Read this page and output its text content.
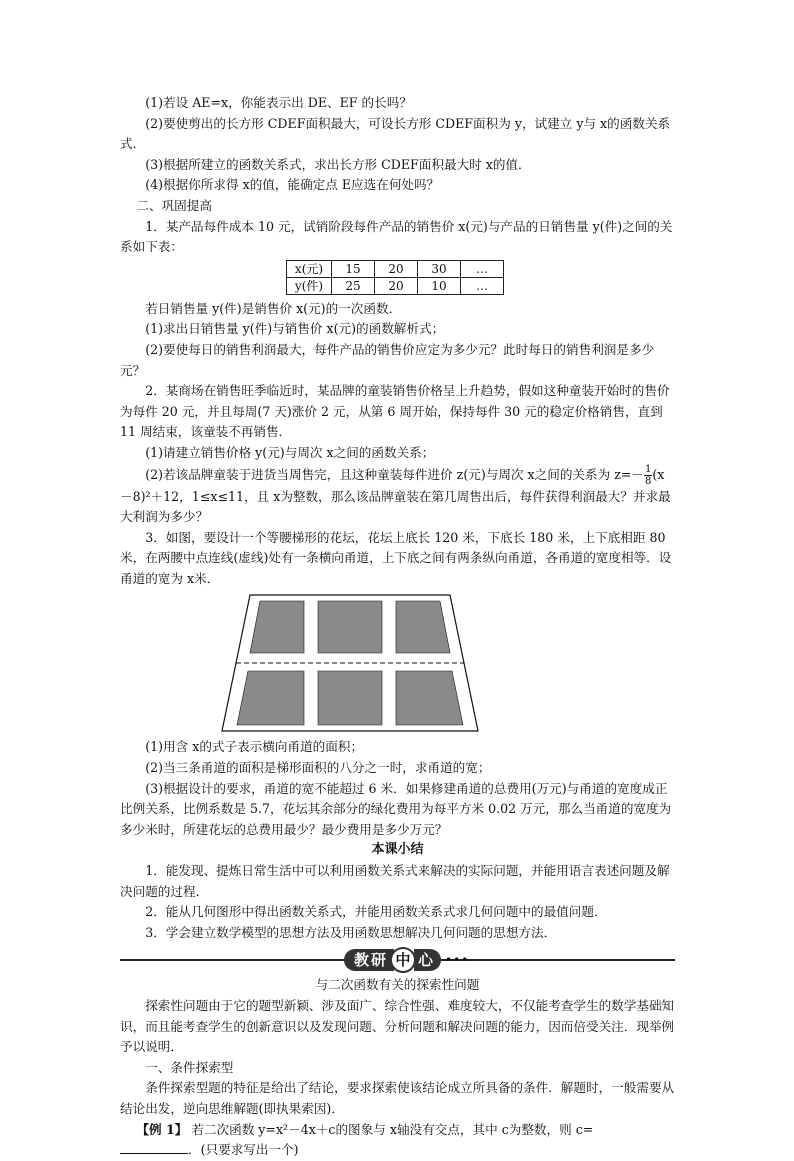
(1)若设 AE=x，你能表示出 DE、EF 的长吗？

(2)要使剪出的长方形 CDEF面积最大，可设长方形 CDEF面积为 y，试建立 y与 x的函数关系式．

(3)根据所建立的函数关系式，求出长方形 CDEF面积最大时 x的值．

(4)根据你所求得 x的值，能确定点 E应选在何处吗？

二、巩固提高

1．某产品每件成本 10 元，试销阶段每件产品的销售价 x(元)与产品的日销售量 y(件)之间的关系如下表：

x(元)	15	20	30	…
y(件)	25	20	10	…

若日销售量 y(件)是销售价 x(元)的一次函数．

(1)求出日销售量 y(件)与销售价 x(元)的函数解析式；

(2)要使每日的销售利润最大，每件产品的销售价应定为多少元？此时每日的销售利润是多少元？

2．某商场在销售旺季临近时，某品牌的童装销售价格呈上升趋势，假如这种童装开始时的售价为每件 20 元，并且每周(7 天)涨价 2 元，从第 6 周开始，保持每件 30 元的稳定价格销售，直到 11 周结束，该童装不再销售．

(1)请建立销售价格 y(元)与周次 x之间的函数关系；

(2)若该品牌童装于进货当周售完，且这种童装每件进价 z(元)与周次 x之间的关系为 $z=- \frac{1}{8} (x-8)^2+12$，1≤x≤11，且 x为整数，那么该品牌童装在第几周售出后，每件获得利润最大？并求最大利润为多少？

3．如图，要设计一个等腰梯形的花坛，花坛上底长 120 米，下底长 180 米，上下底相距 80 米，在两腰中点连线(虚线)处有一条横向甬道，上下底之间有两条纵向甬道，各甬道的宽度相等．设甬道的宽为 x米．

(1)用含 x的式子表示横向甬道的面积；

(2)当三条甬道的面积是梯形面积的八分之一时，求甬道的宽；

(3)根据设计的要求，甬道的宽不能超过 6 米．如果修建甬道的总费用(万元)与甬道的宽度成正比例关系，比例系数是 5.7，花坛其余部分的绿化费用为每平方米 0.02 万元，那么当甬道的宽度为多少米时，所建花坛的总费用最少？最少费用是多少万元？

本课小结

1．能发现、提炼日常生活中可以利用函数关系式来解决的实际问题，并能用语言表述问题及解决问题的过程．

2．能从几何图形中得出函数关系式，并能用函数关系式求几何问题中的最值问题．

3．学会建立数学模型的思想方法及用函数思想解决几何问题的思想方法．

教研 中 心	•••

与二次函数有关的探索性问题

探索性问题由于它的题型新颖、涉及面广、综合性强、难度较大，不仅能考查学生的数学基础知识，而且能考查学生的创新意识以及发现问题、分析问题和解决问题的能力，因而倍受关注．现举例予以说明．

一、条件探索型

条件探索型题的特征是给出了结论，要求探索使该结论成立所具备的条件．解题时，一般需要从结论出发，逆向思维解题(即执果索因)．

【例 1】 若二次函数 y=x²－4x＋c的图象与 x轴没有交点，其中 c为整数，则 c=

．(只要求写出一个)
